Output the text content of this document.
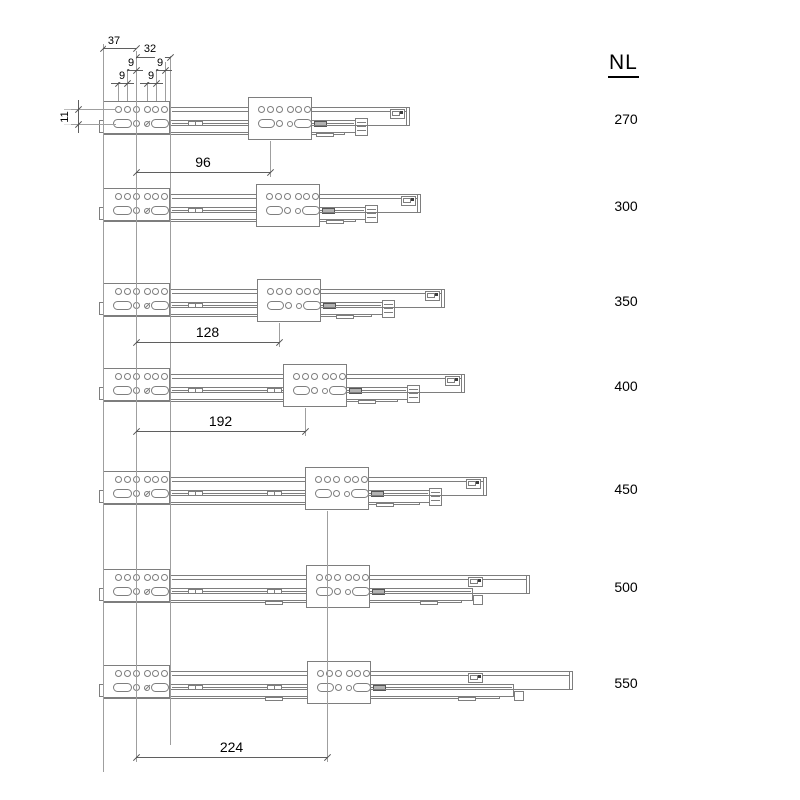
NL
270
300
350
400
450
500
550
96
128
192
224
37
32
9 9
9 9
11
